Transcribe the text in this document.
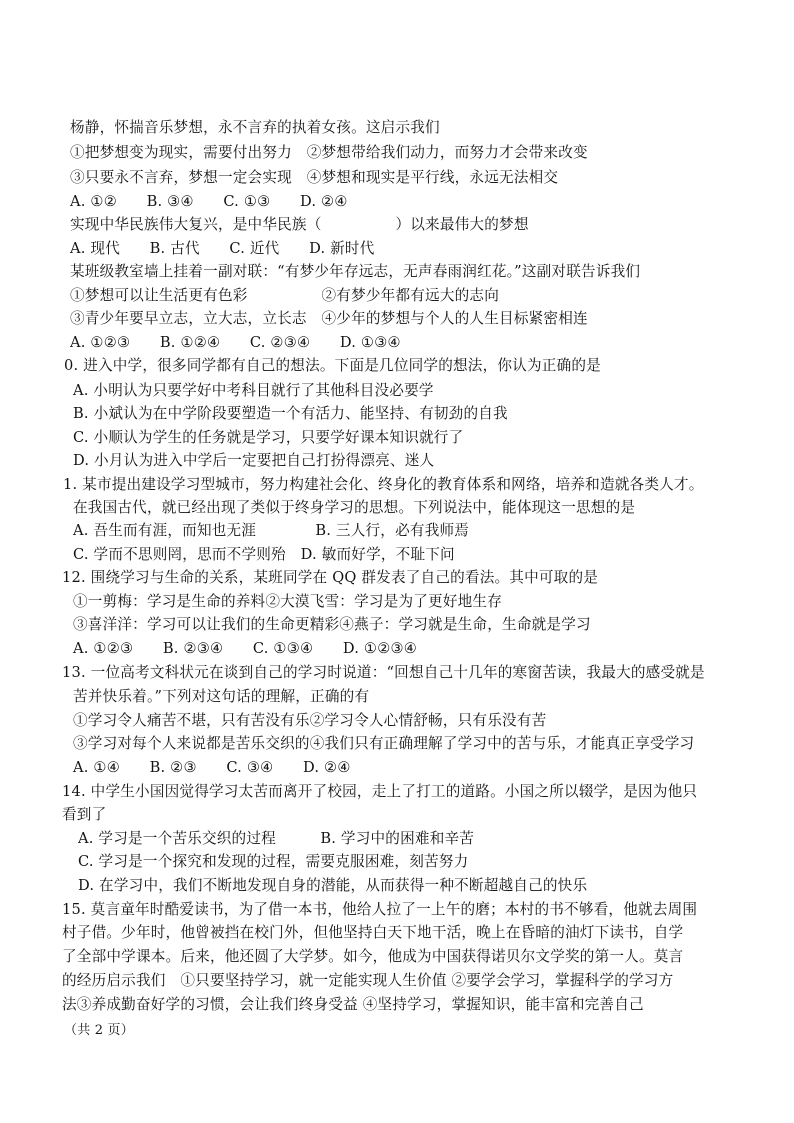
杨静，怀揣音乐梦想，永不言弃的执着女孩。这启示我们
①把梦想变为现实，需要付出努力　②梦想带给我们动力，而努力才会带来改变
③只要永不言弃，梦想一定会实现　④梦想和现实是平行线，永远无法相交
A. ①②　　B. ③④　　C. ①③　　D. ②④
实现中华民族伟大复兴，是中华民族（　　　　　）以来最伟大的梦想
A. 现代　　B. 古代　　C. 近代　　D. 新时代
某班级教室墙上挂着一副对联：“有梦少年存远志，无声春雨润红花。”这副对联告诉我们
①梦想可以让生活更有色彩　　　　　②有梦少年都有远大的志向
③青少年要早立志，立大志，立长志　④少年的梦想与个人的人生目标紧密相连
A. ①②③　　B. ①②④　　C. ②③④　　D. ①③④
0. 进入中学，很多同学都有自己的想法。下面是几位同学的想法，你认为正确的是
A. 小明认为只要学好中考科目就行了其他科目没必要学
B. 小斌认为在中学阶段要塑造一个有活力、能坚持、有韧劲的自我
C. 小顺认为学生的任务就是学习，只要学好课本知识就行了
D. 小月认为进入中学后一定要把自己打扮得漂亮、迷人
1. 某市提出建设学习型城市，努力构建社会化、终身化的教育体系和网络，培养和造就各类人才。
在我国古代，就已经出现了类似于终身学习的思想。下列说法中，能体现这一思想的是
A. 吾生而有涯，而知也无涯　　　　B. 三人行，必有我师焉
C. 学而不思则罔，思而不学则殆　D. 敏而好学，不耻下问
12. 围绕学习与生命的关系，某班同学在 QQ 群发表了自己的看法。其中可取的是
①一剪梅：学习是生命的养料②大漠飞雪：学习是为了更好地生存
③喜洋洋：学习可以让我们的生命更精彩④燕子：学习就是生命，生命就是学习
A. ①②③　　B. ②③④　　C. ①③④　　D. ①②③④
13. 一位高考文科状元在谈到自己的学习时说道：“回想自己十几年的寒窗苦读，我最大的感受就是
苦并快乐着。”下列对这句话的理解，正确的有
①学习令人痛苦不堪，只有苦没有乐②学习令人心情舒畅，只有乐没有苦
③学习对每个人来说都是苦乐交织的④我们只有正确理解了学习中的苦与乐，才能真正享受学习
A. ①④　　B. ②③　　C. ③④　　D. ②④
14. 中学生小国因觉得学习太苦而离开了校园，走上了打工的道路。小国之所以辍学，是因为他只
看到了
A. 学习是一个苦乐交织的过程　　　B. 学习中的困难和辛苦
C. 学习是一个探究和发现的过程，需要克服困难，刻苦努力
D. 在学习中，我们不断地发现自身的潜能，从而获得一种不断超越自己的快乐
15. 莫言童年时酷爱读书，为了借一本书，他给人拉了一上午的磨；本村的书不够看，他就去周围
村子借。少年时，他曾被挡在校门外，但他坚持白天下地干活，晚上在昏暗的油灯下读书，自学
了全部中学课本。后来，他还圆了大学梦。如今，他成为中国获得诺贝尔文学奖的第一人。莫言
的经历启示我们　①只要坚持学习，就一定能实现人生价值 ②要学会学习，掌握科学的学习方
法③养成勤奋好学的习惯，会让我们终身受益 ④坚持学习，掌握知识，能丰富和完善自己
（共 2 页）
